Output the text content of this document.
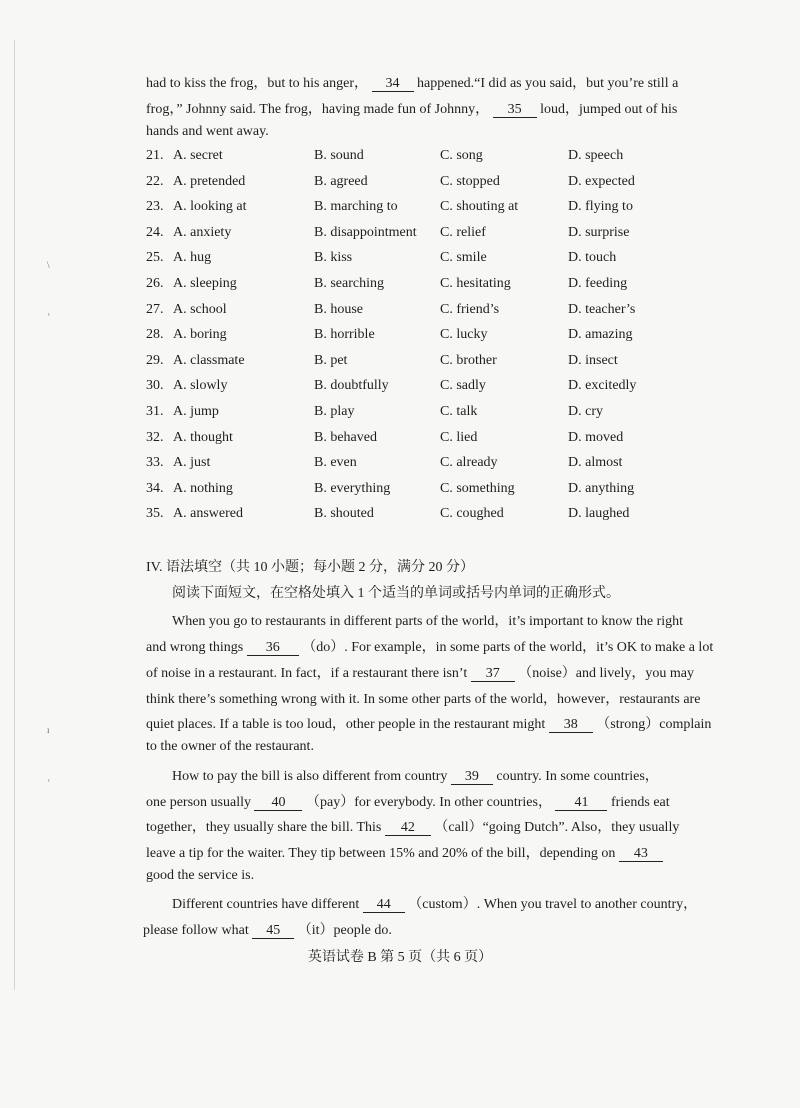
\
'
ı
'
had to kiss the frog，but to his anger， 34 happened.“I did as you said，but you’re still a
frog，” Johnny said. The frog，having made fun of Johnny， 35 loud，jumped out of his
hands and went away.
21. A. secret	B. sound	C. song	D. speech
22. A. pretended	B. agreed	C. stopped	D. expected
23. A. looking at	B. marching to	C. shouting at	D. flying to
24. A. anxiety	B. disappointment C. relief	D. surprise
25. A. hug	B. kiss	C. smile	D. touch
26. A. sleeping	B. searching	C. hesitating	D. feeding
27. A. school	B. house	C. friend’s	D. teacher’s
28. A. boring	B. horrible	C. lucky	D. amazing
29. A. classmate	B. pet	C. brother	D. insect
30. A. slowly	B. doubtfully	C. sadly	D. excitedly
31. A. jump	B. play	C. talk	D. cry
32. A. thought	B. behaved	C. lied	D. moved
33. A. just	B. even	C. already	D. almost
34. A. nothing	B. everything	C. something	D. anything
35. A. answered	B. shouted	C. coughed	D. laughed
IV. 语法填空（共 10 小题；每小题 2 分，满分 20 分）
阅读下面短文，在空格处填入 1 个适当的单词或括号内单词的正确形式。
When you go to restaurants in different parts of the world，it’s important to know the right
and wrong things 36 （do）. For example，in some parts of the world，it’s OK to make a lot
of noise in a restaurant. In fact，if a restaurant there isn’t 37 （noise）and lively，you may
think there’s something wrong with it. In some other parts of the world，however，restaurants are
quiet places. If a table is too loud，other people in the restaurant might 38 （strong）complain
to the owner of the restaurant.
How to pay the bill is also different from country 39 country. In some countries，
one person usually 40 （pay）for everybody. In other countries， 41 friends eat
together，they usually share the bill. This 42 （call）“going Dutch”. Also，they usually
leave a tip for the waiter. They tip between 15% and 20% of the bill，depending on 43
good the service is.
Different countries have different 44 （custom）. When you travel to another country，
please follow what 45 （it）people do.
英语试卷 B 第 5 页（共 6 页）
